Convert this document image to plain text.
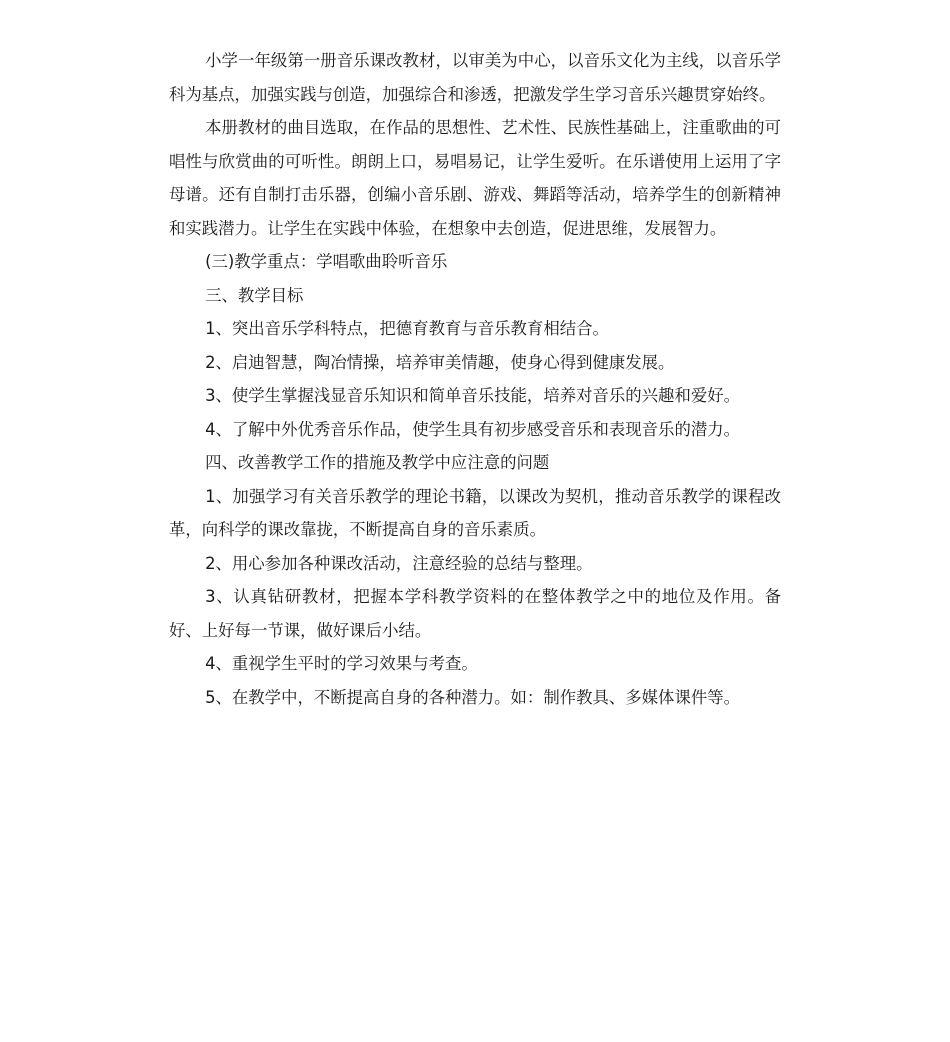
小学一年级第一册音乐课改教材，以审美为中心，以音乐文化为主线，以音乐学科为基点，加强实践与创造，加强综合和渗透，把激发学生学习音乐兴趣贯穿始终。

本册教材的曲目选取，在作品的思想性、艺术性、民族性基础上，注重歌曲的可唱性与欣赏曲的可听性。朗朗上口，易唱易记，让学生爱听。在乐谱使用上运用了字母谱。还有自制打击乐器，创编小音乐剧、游戏、舞蹈等活动，培养学生的创新精神和实践潜力。让学生在实践中体验，在想象中去创造，促进思维，发展智力。

(三)教学重点：学唱歌曲聆听音乐

三、教学目标

1、突出音乐学科特点，把德育教育与音乐教育相结合。

2、启迪智慧，陶冶情操，培养审美情趣，使身心得到健康发展。

3、使学生掌握浅显音乐知识和简单音乐技能，培养对音乐的兴趣和爱好。

4、了解中外优秀音乐作品，使学生具有初步感受音乐和表现音乐的潜力。

四、改善教学工作的措施及教学中应注意的问题

1、加强学习有关音乐教学的理论书籍，以课改为契机，推动音乐教学的课程改革，向科学的课改靠拢，不断提高自身的音乐素质。

2、用心参加各种课改活动，注意经验的总结与整理。

3、认真钻研教材，把握本学科教学资料的在整体教学之中的地位及作用。备好、上好每一节课，做好课后小结。

4、重视学生平时的学习效果与考查。

5、在教学中，不断提高自身的各种潜力。如：制作教具、多媒体课件等。
